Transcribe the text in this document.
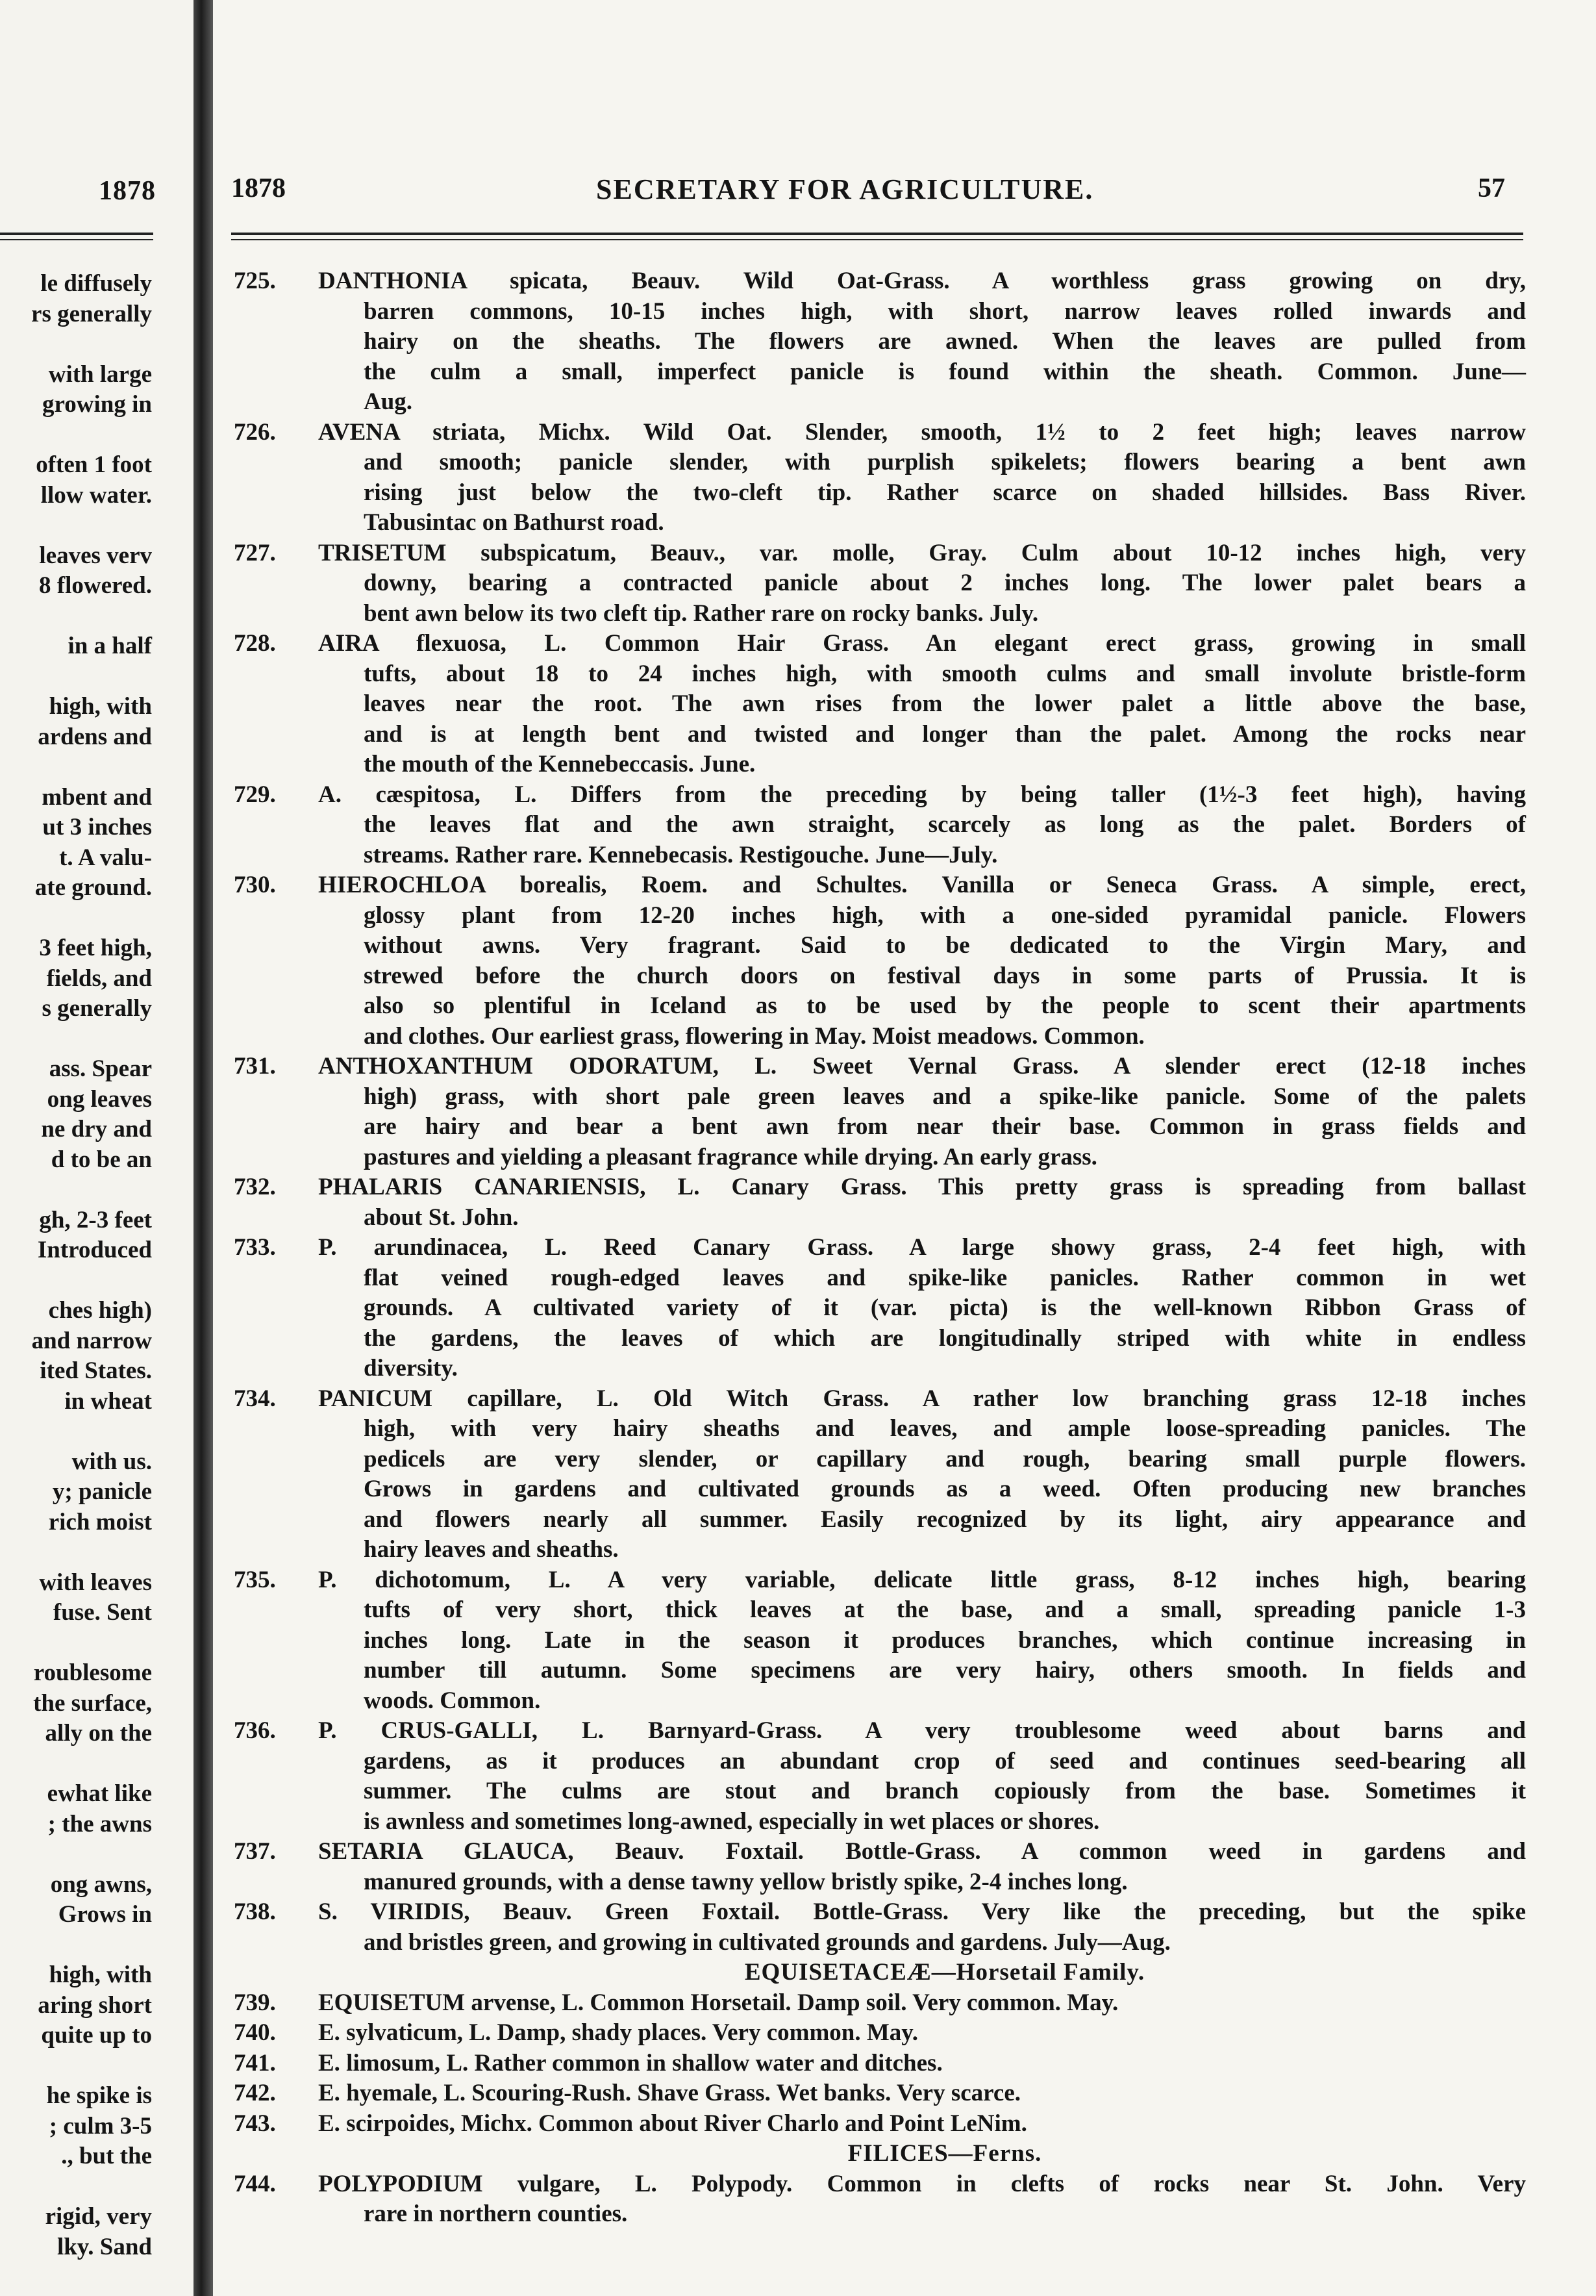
1878
le diffusely
rs generally
with large
growing in
often 1 foot
llow water.
leaves verv
8 flowered.
in a half
high, with
ardens and
mbent and
ut 3 inches
t. A valu-
ate ground.
3 feet high,
fields, and
s generally
ass. Spear
ong leaves
ne dry and
d to be an
gh, 2-3 feet
Introduced
ches high)
and narrow
ited States.
in wheat
with us.
y; panicle
rich moist
with leaves
fuse. Sent
roublesome
the surface,
ally on the
ewhat like
; the awns
ong awns,
Grows in
high, with
aring short
quite up to
he spike is
; culm 3-5
., but the
rigid, very
lky. Sand
1878	SECRETARY FOR AGRICULTURE.	57
725. DANTHONIA spicata, Beauv. Wild Oat-Grass. A worthless grass growing on dry,
barren commons, 10-15 inches high, with short, narrow leaves rolled inwards and
hairy on the sheaths. The flowers are awned. When the leaves are pulled from
the culm a small, imperfect panicle is found within the sheath. Common. June—
Aug.
726. AVENA striata, Michx. Wild Oat. Slender, smooth, 1½ to 2 feet high; leaves narrow
and smooth; panicle slender, with purplish spikelets; flowers bearing a bent awn
rising just below the two-cleft tip. Rather scarce on shaded hillsides. Bass River.
Tabusintac on Bathurst road.
727. TRISETUM subspicatum, Beauv., var. molle, Gray. Culm about 10-12 inches high, very
downy, bearing a contracted panicle about 2 inches long. The lower palet bears a
bent awn below its two cleft tip. Rather rare on rocky banks. July.
728. AIRA flexuosa, L. Common Hair Grass. An elegant erect grass, growing in small
tufts, about 18 to 24 inches high, with smooth culms and small involute bristle-form
leaves near the root. The awn rises from the lower palet a little above the base,
and is at length bent and twisted and longer than the palet. Among the rocks near
the mouth of the Kennebeccasis. June.
729. A. cæspitosa, L. Differs from the preceding by being taller (1½-3 feet high), having
the leaves flat and the awn straight, scarcely as long as the palet. Borders of
streams. Rather rare. Kennebecasis. Restigouche. June—July.
730. HIEROCHLOA borealis, Roem. and Schultes. Vanilla or Seneca Grass. A simple, erect,
glossy plant from 12-20 inches high, with a one-sided pyramidal panicle. Flowers
without awns. Very fragrant. Said to be dedicated to the Virgin Mary, and
strewed before the church doors on festival days in some parts of Prussia. It is
also so plentiful in Iceland as to be used by the people to scent their apartments
and clothes. Our earliest grass, flowering in May. Moist meadows. Common.
731. ANTHOXANTHUM ODORATUM, L. Sweet Vernal Grass. A slender erect (12-18 inches
high) grass, with short pale green leaves and a spike-like panicle. Some of the palets
are hairy and bear a bent awn from near their base. Common in grass fields and
pastures and yielding a pleasant fragrance while drying. An early grass.
732. PHALARIS CANARIENSIS, L. Canary Grass. This pretty grass is spreading from ballast
about St. John.
733. P. arundinacea, L. Reed Canary Grass. A large showy grass, 2-4 feet high, with
flat veined rough-edged leaves and spike-like panicles. Rather common in wet
grounds. A cultivated variety of it (var. picta) is the well-known Ribbon Grass of
the gardens, the leaves of which are longitudinally striped with white in endless
diversity.
734. PANICUM capillare, L. Old Witch Grass. A rather low branching grass 12-18 inches
high, with very hairy sheaths and leaves, and ample loose-spreading panicles. The
pedicels are very slender, or capillary and rough, bearing small purple flowers.
Grows in gardens and cultivated grounds as a weed. Often producing new branches
and flowers nearly all summer. Easily recognized by its light, airy appearance and
hairy leaves and sheaths.
735. P. dichotomum, L. A very variable, delicate little grass, 8-12 inches high, bearing
tufts of very short, thick leaves at the base, and a small, spreading panicle 1-3
inches long. Late in the season it produces branches, which continue increasing in
number till autumn. Some specimens are very hairy, others smooth. In fields and
woods. Common.
736. P. CRUS-GALLI, L. Barnyard-Grass. A very troublesome weed about barns and
gardens, as it produces an abundant crop of seed and continues seed-bearing all
summer. The culms are stout and branch copiously from the base. Sometimes it
is awnless and sometimes long-awned, especially in wet places or shores.
737. SETARIA GLAUCA, Beauv. Foxtail. Bottle-Grass. A common weed in gardens and
manured grounds, with a dense tawny yellow bristly spike, 2-4 inches long.
738. S. VIRIDIS, Beauv. Green Foxtail. Bottle-Grass. Very like the preceding, but the spike
and bristles green, and growing in cultivated grounds and gardens. July—Aug.
EQUISETACEÆ—Horsetail Family.
739. EQUISETUM arvense, L. Common Horsetail. Damp soil. Very common. May.
740. E. sylvaticum, L. Damp, shady places. Very common. May.
741. E. limosum, L. Rather common in shallow water and ditches.
742. E. hyemale, L. Scouring-Rush. Shave Grass. Wet banks. Very scarce.
743. E. scirpoides, Michx. Common about River Charlo and Point LeNim.
FILICES—Ferns.
744. POLYPODIUM vulgare, L. Polypody. Common in clefts of rocks near St. John. Very
rare in northern counties.
